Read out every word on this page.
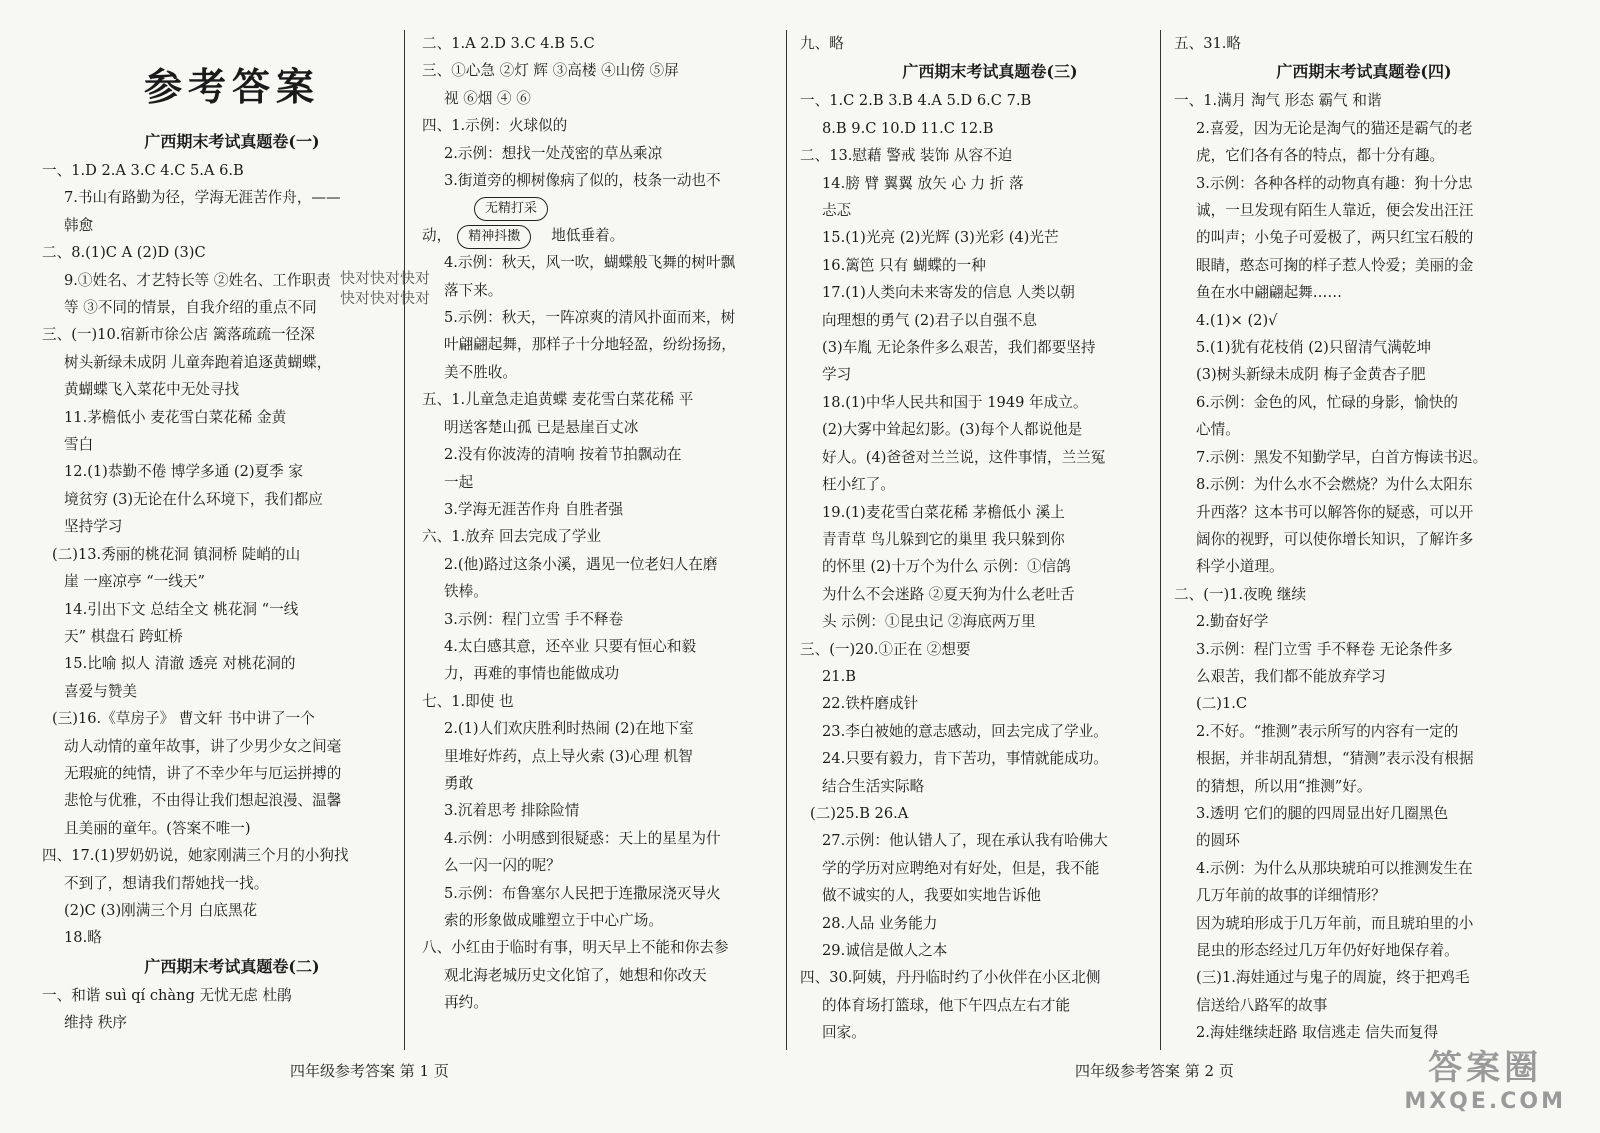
参考答案
广西期末考试真题卷(一)
一、1.D 2.A 3.C 4.C 5.A 6.B
7.书山有路勤为径，学海无涯苦作舟，——
韩愈
二、8.(1)C A (2)D (3)C
9.①姓名、才艺特长等 ②姓名、工作职责
等 ③不同的情景，自我介绍的重点不同
三、(一)10.宿新市徐公店 篱落疏疏一径深
树头新绿未成阴 儿童奔跑着追逐黄蝴蝶，
黄蝴蝶飞入菜花中无处寻找
11.茅檐低小 麦花雪白菜花稀 金黄
雪白
12.(1)恭勤不倦 博学多通 (2)夏季 家
境贫穷 (3)无论在什么环境下，我们都应
坚持学习
(二)13.秀丽的桃花洞 镇洞桥 陡峭的山
崖 一座凉亭 “一线天”
14.引出下文 总结全文 桃花洞 “一线
天” 棋盘石 跨虹桥
15.比喻 拟人 清澈 透亮 对桃花洞的
喜爱与赞美
(三)16.《草房子》 曹文轩 书中讲了一个
动人动情的童年故事，讲了少男少女之间毫
无瑕疵的纯情，讲了不幸少年与厄运拼搏的
悲怆与优雅，不由得让我们想起浪漫、温馨
且美丽的童年。(答案不唯一)
四、17.(1)罗奶奶说，她家刚满三个月的小狗找
不到了，想请我们帮她找一找。
(2)C (3)刚满三个月 白底黑花
18.略
广西期末考试真题卷(二)
一、和谐 suì qí chàng 无忧无虑 杜鹃
维持 秩序
二、1.A 2.D 3.C 4.B 5.C
三、①心急 ②灯 辉 ③高楼 ④山傍 ⑤屏
视 ⑥烟 ④ ⑥
四、1.示例：火球似的
2.示例：想找一处茂密的草丛乘凉
3.街道旁的柳树像病了似的，枝条一动也不
无精打采
动， 精神抖擞 地低垂着。
4.示例：秋天，风一吹，蝴蝶般飞舞的树叶飘
落下来。
5.示例：秋天，一阵凉爽的清风扑面而来，树
叶翩翩起舞，那样子十分地轻盈，纷纷扬扬，
美不胜收。
五、1.儿童急走追黄蝶 麦花雪白菜花稀 平
明送客楚山孤 已是悬崖百丈冰
2.没有你波涛的清响 按着节拍飘动在
一起
3.学海无涯苦作舟 自胜者强
六、1.放弃 回去完成了学业
2.(他)路过这条小溪，遇见一位老妇人在磨
铁棒。
3.示例：程门立雪 手不释卷
4.太白感其意，还卒业 只要有恒心和毅
力，再难的事情也能做成功
七、1.即使 也
2.(1)人们欢庆胜利时热闹 (2)在地下室
里堆好炸药，点上导火索 (3)心理 机智
勇敢
3.沉着思考 排除险情
4.示例：小明感到很疑惑：天上的星星为什
么一闪一闪的呢？
5.示例：布鲁塞尔人民把于连撒尿浇灭导火
索的形象做成雕塑立于中心广场。
八、小红由于临时有事，明天早上不能和你去参
观北海老城历史文化馆了，她想和你改天
再约。
九、略
广西期末考试真题卷(三)
一、1.C 2.B 3.B 4.A 5.D 6.C 7.B
8.B 9.C 10.D 11.C 12.B
二、13.慰藉 警戒 装饰 从容不迫
14.膀 臂 翼翼 放矢 心 力 折 落
忐忑
15.(1)光亮 (2)光辉 (3)光彩 (4)光芒
16.篱笆 只有 蝴蝶的一种
17.(1)人类向未来寄发的信息 人类以朝
向理想的勇气 (2)君子以自强不息
(3)车胤 无论条件多么艰苦，我们都要坚持
学习
18.(1)中华人民共和国于 1949 年成立。
(2)大雾中耸起幻影。(3)每个人都说他是
好人。(4)爸爸对兰兰说，这件事情，兰兰冤
枉小红了。
19.(1)麦花雪白菜花稀 茅檐低小 溪上
青青草 鸟儿躲到它的巢里 我只躲到你
的怀里 (2)十万个为什么 示例：①信鸽
为什么不会迷路 ②夏天狗为什么老吐舌
头 示例：①昆虫记 ②海底两万里
三、(一)20.①正在 ②想要
21.B
22.铁杵磨成针
23.李白被她的意志感动，回去完成了学业。
24.只要有毅力，肯下苦功，事情就能成功。
结合生活实际略
(二)25.B 26.A
27.示例：他认错人了，现在承认我有哈佛大
学的学历对应聘绝对有好处，但是，我不能
做不诚实的人，我要如实地告诉他
28.人品 业务能力
29.诚信是做人之本
四、30.阿姨，丹丹临时约了小伙伴在小区北侧
的体育场打篮球，他下午四点左右才能
回家。
五、31.略
广西期末考试真题卷(四)
一、1.满月 淘气 形态 霸气 和谐
2.喜爱，因为无论是淘气的猫还是霸气的老
虎，它们各有各的特点，都十分有趣。
3.示例：各种各样的动物真有趣：狗十分忠
诚，一旦发现有陌生人靠近，便会发出汪汪
的叫声；小兔子可爱极了，两只红宝石般的
眼睛，憨态可掬的样子惹人怜爱；美丽的金
鱼在水中翩翩起舞……
4.(1)× (2)√
5.(1)犹有花枝俏 (2)只留清气满乾坤
(3)树头新绿未成阴 梅子金黄杏子肥
6.示例：金色的风，忙碌的身影，愉快的
心情。
7.示例：黑发不知勤学早，白首方悔读书迟。
8.示例：为什么水不会燃烧？为什么太阳东
升西落？这本书可以解答你的疑惑，可以开
阔你的视野，可以使你增长知识，了解许多
科学小道理。
二、(一)1.夜晚 继续
2.勤奋好学
3.示例：程门立雪 手不释卷 无论条件多
么艰苦，我们都不能放弃学习
(二)1.C
2.不好。“推测”表示所写的内容有一定的
根据，并非胡乱猜想，“猜测”表示没有根据
的猜想，所以用“推测”好。
3.透明 它们的腿的四周显出好几圈黑色
的圆环
4.示例：为什么从那块琥珀可以推测发生在
几万年前的故事的详细情形？
因为琥珀形成于几万年前，而且琥珀里的小
昆虫的形态经过几万年仍好好地保存着。
(三)1.海娃通过与鬼子的周旋，终于把鸡毛
信送给八路军的故事
2.海娃继续赶路 取信逃走 信失而复得
快对快对快对
快对快对快对
四年级参考答案 第 1 页	四年级参考答案 第 2 页	答案圈
MXQE.COM
